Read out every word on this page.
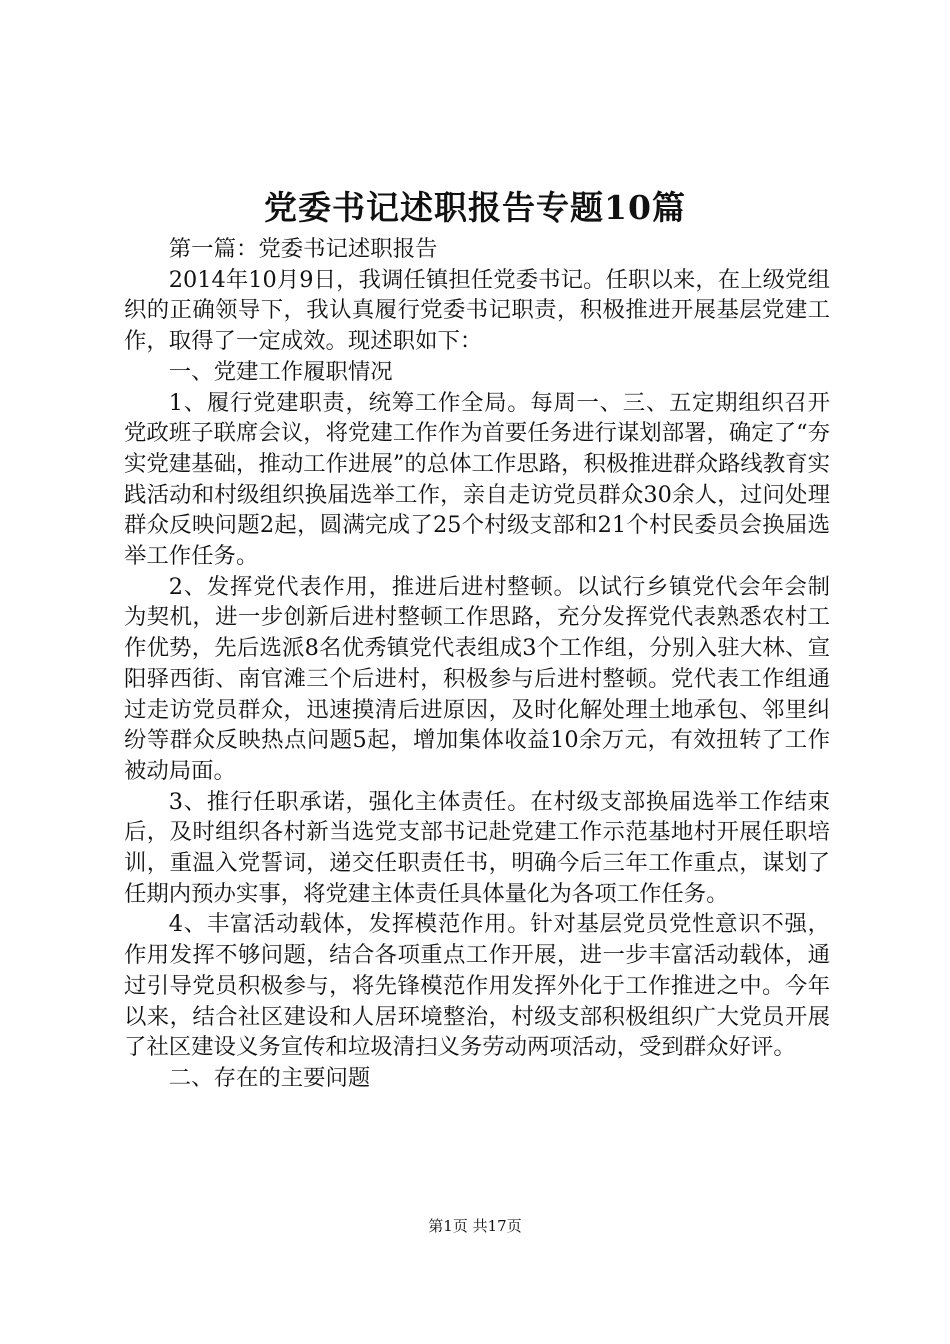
党委书记述职报告专题10篇

第一篇：党委书记述职报告

2014年10月9日，我调任镇担任党委书记。任职以来，在上级党组织的正确领导下，我认真履行党委书记职责，积极推进开展基层党建工作，取得了一定成效。现述职如下：

一、党建工作履职情况

1、履行党建职责，统筹工作全局。每周一、三、五定期组织召开党政班子联席会议，将党建工作作为首要任务进行谋划部署，确定了“夯实党建基础，推动工作进展”的总体工作思路，积极推进群众路线教育实践活动和村级组织换届选举工作，亲自走访党员群众30余人，过问处理群众反映问题2起，圆满完成了25个村级支部和21个村民委员会换届选举工作任务。

2、发挥党代表作用，推进后进村整顿。以试行乡镇党代会年会制为契机，进一步创新后进村整顿工作思路，充分发挥党代表熟悉农村工作优势，先后选派8名优秀镇党代表组成3个工作组，分别入驻大林、宣阳驿西街、南官滩三个后进村，积极参与后进村整顿。党代表工作组通过走访党员群众，迅速摸清后进原因，及时化解处理土地承包、邻里纠纷等群众反映热点问题5起，增加集体收益10余万元，有效扭转了工作被动局面。

3、推行任职承诺，强化主体责任。在村级支部换届选举工作结束后，及时组织各村新当选党支部书记赴党建工作示范基地村开展任职培训，重温入党誓词，递交任职责任书，明确今后三年工作重点，谋划了任期内预办实事，将党建主体责任具体量化为各项工作任务。

4、丰富活动载体，发挥模范作用。针对基层党员党性意识不强，作用发挥不够问题，结合各项重点工作开展，进一步丰富活动载体，通过引导党员积极参与，将先锋模范作用发挥外化于工作推进之中。今年以来，结合社区建设和人居环境整治，村级支部积极组织广大党员开展了社区建设义务宣传和垃圾清扫义务劳动两项活动，受到群众好评。

二、存在的主要问题

第1页 共17页
